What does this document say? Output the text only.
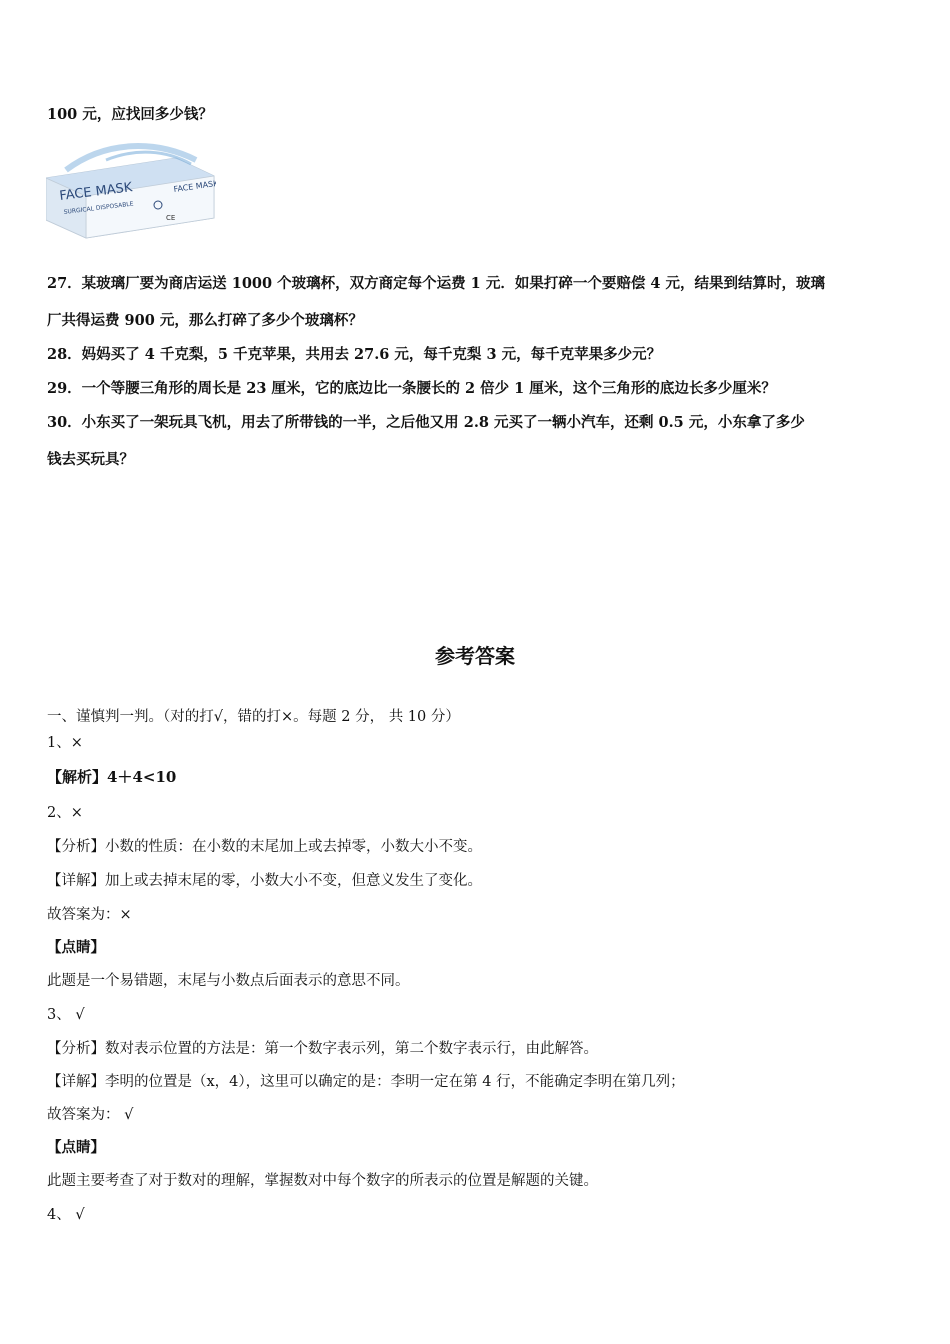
100 元，应找回多少钱？
FACE MASK
SURGICAL DISPOSABLE
FACE MASK
CE
27．某玻璃厂要为商店运送 1000 个玻璃杯，双方商定每个运费 1 元．如果打碎一个要赔偿 4 元，结果到结算时，玻璃
厂共得运费 900 元，那么打碎了多少个玻璃杯？
28．妈妈买了 4 千克梨，5 千克苹果，共用去 27.6 元，每千克梨 3 元，每千克苹果多少元？
29．一个等腰三角形的周长是 23 厘米，它的底边比一条腰长的 2 倍少 1 厘米，这个三角形的底边长多少厘米？
30．小东买了一架玩具飞机，用去了所带钱的一半，之后他又用 2.8 元买了一辆小汽车，还剩 0.5 元，小东拿了多少
钱去买玩具？
参考答案
一、谨慎判一判。（对的打√，错的打×。每题 2 分， 共 10 分）
1、×
【解析】4＋4<10
2、×
【分析】小数的性质：在小数的末尾加上或去掉零，小数大小不变。
【详解】加上或去掉末尾的零，小数大小不变，但意义发生了变化。
故答案为：×
【点睛】
此题是一个易错题，末尾与小数点后面表示的意思不同。
3、 √
【分析】数对表示位置的方法是：第一个数字表示列，第二个数字表示行，由此解答。
【详解】李明的位置是（x，4），这里可以确定的是：李明一定在第 4 行，不能确定李明在第几列；
故答案为： √
【点睛】
此题主要考查了对于数对的理解，掌握数对中每个数字的所表示的位置是解题的关键。
4、 √
